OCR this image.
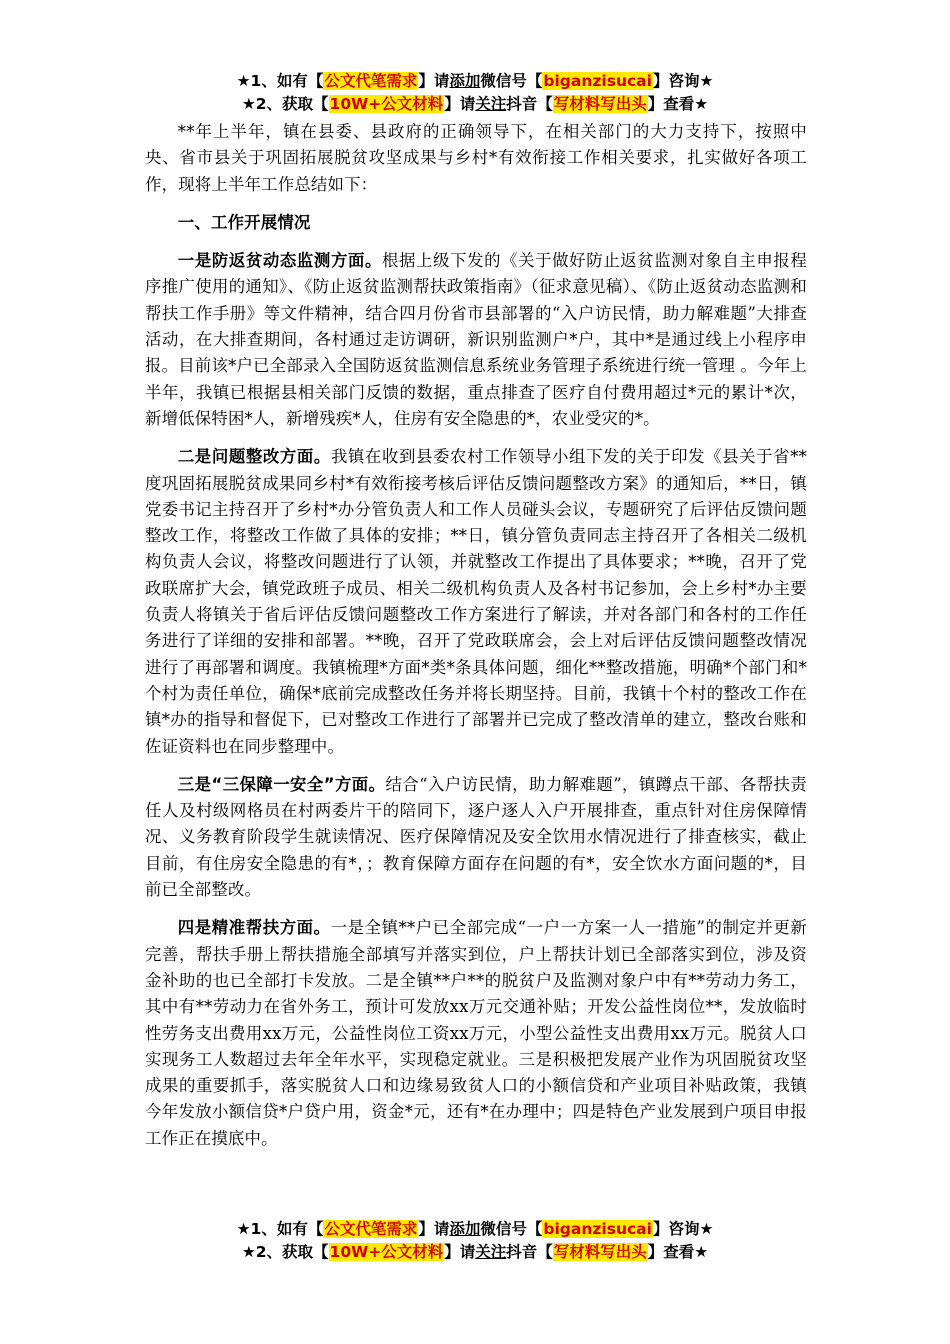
★1、如有【公文代笔需求】请添加微信号【biganzisucai】咨询★
★2、获取【10W+公文材料】请关注抖音【写材料写出头】查看★

**年上半年，镇在县委、县政府的正确领导下，在相关部门的大力支持下，按照中央、省市县关于巩固拓展脱贫攻坚成果与乡村*有效衔接工作相关要求，扎实做好各项工作，现将上半年工作总结如下：

一、工作开展情况

一是防返贫动态监测方面。根据上级下发的《关于做好防止返贫监测对象自主申报程序推广使用的通知》、《防止返贫监测帮扶政策指南》（征求意见稿）、《防止返贫动态监测和帮扶工作手册》等文件精神，结合四月份省市县部署的“入户访民情，助力解难题”大排查活动，在大排查期间，各村通过走访调研，新识别监测户*户，其中*是通过线上小程序申报。目前该*户已全部录入全国防返贫监测信息系统业务管理子系统进行统一管理 。今年上半年，我镇已根据县相关部门反馈的数据，重点排查了医疗自付费用超过*元的累计*次，新增低保特困*人，新增残疾*人，住房有安全隐患的*，农业受灾的*。

二是问题整改方面。我镇在收到县委农村工作领导小组下发的关于印发《县关于省**度巩固拓展脱贫成果同乡村*有效衔接考核后评估反馈问题整改方案》的通知后，**日，镇党委书记主持召开了乡村*办分管负责人和工作人员碰头会议，专题研究了后评估反馈问题整改工作，将整改工作做了具体的安排；**日，镇分管负责同志主持召开了各相关二级机构负责人会议，将整改问题进行了认领，并就整改工作提出了具体要求；**晚，召开了党政联席扩大会，镇党政班子成员、相关二级机构负责人及各村书记参加，会上乡村*办主要负责人将镇关于省后评估反馈问题整改工作方案进行了解读，并对各部门和各村的工作任务进行了详细的安排和部署。**晚，召开了党政联席会，会上对后评估反馈问题整改情况进行了再部署和调度。我镇梳理*方面*类*条具体问题，细化**整改措施，明确*个部门和*个村为责任单位，确保*底前完成整改任务并将长期坚持。目前，我镇十个村的整改工作在镇*办的指导和督促下，已对整改工作进行了部署并已完成了整改清单的建立，整改台账和佐证资料也在同步整理中。

三是“三保障一安全”方面。结合“入户访民情，助力解难题”，镇蹲点干部、各帮扶责任人及村级网格员在村两委片干的陪同下，逐户逐人入户开展排查，重点针对住房保障情况、义务教育阶段学生就读情况、医疗保障情况及安全饮用水情况进行了排查核实，截止目前，有住房安全隐患的有*，；教育保障方面存在问题的有*，安全饮水方面问题的*，目前已全部整改。

四是精准帮扶方面。一是全镇**户已全部完成“一户一方案一人一措施”的制定并更新完善，帮扶手册上帮扶措施全部填写并落实到位，户上帮扶计划已全部落实到位，涉及资金补助的也已全部打卡发放。二是全镇**户**的脱贫户及监测对象户中有**劳动力务工，其中有**劳动力在省外务工，预计可发放xx万元交通补贴；开发公益性岗位**，发放临时性劳务支出费用xx万元，公益性岗位工资xx万元，小型公益性支出费用xx万元。脱贫人口实现务工人数超过去年全年水平，实现稳定就业。三是积极把发展产业作为巩固脱贫攻坚成果的重要抓手，落实脱贫人口和边缘易致贫人口的小额信贷和产业项目补贴政策，我镇今年发放小额信贷*户贷户用，资金*元，还有*在办理中；四是特色产业发展到户项目申报工作正在摸底中。

★1、如有【公文代笔需求】请添加微信号【biganzisucai】咨询★
★2、获取【10W+公文材料】请关注抖音【写材料写出头】查看★
